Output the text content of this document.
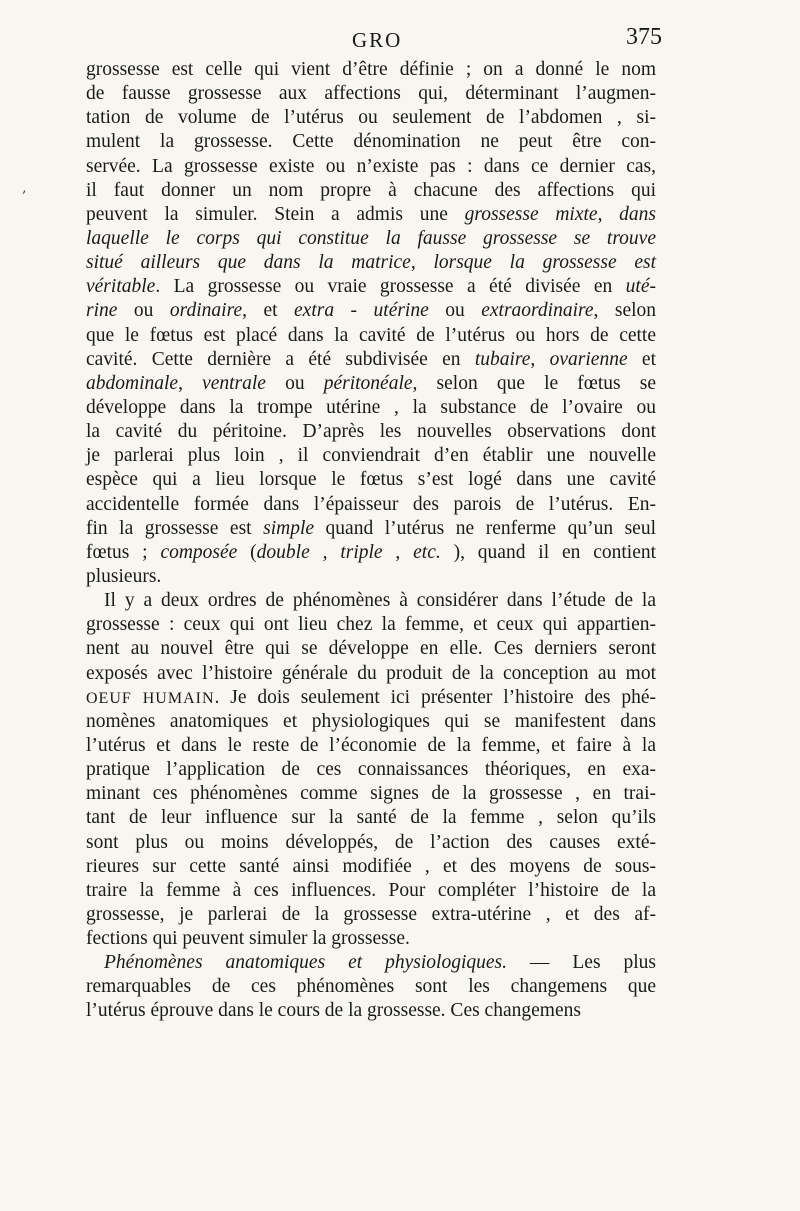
GRO	375
‚
grossesse est celle qui vient d’être définie ; on a donné le nom
de fausse grossesse aux affections qui, déterminant l’augmen-
tation de volume de l’utérus ou seulement de l’abdomen , si-
mulent la grossesse. Cette dénomination ne peut être con-
servée. La grossesse existe ou n’existe pas : dans ce dernier cas,
il faut donner un nom propre à chacune des affections qui
peuvent la simuler. Stein a admis une grossesse mixte, dans
laquelle le corps qui constitue la fausse grossesse se trouve
situé ailleurs que dans la matrice, lorsque la grossesse est
véritable. La grossesse ou vraie grossesse a été divisée en uté-
rine ou ordinaire, et extra - utérine ou extraordinaire, selon
que le fœtus est placé dans la cavité de l’utérus ou hors de cette
cavité. Cette dernière a été subdivisée en tubaire, ovarienne et
abdominale, ventrale ou péritonéale, selon que le fœtus se
développe dans la trompe utérine , la substance de l’ovaire ou
la cavité du péritoine. D’après les nouvelles observations dont
je parlerai plus loin , il conviendrait d’en établir une nouvelle
espèce qui a lieu lorsque le fœtus s’est logé dans une cavité
accidentelle formée dans l’épaisseur des parois de l’utérus. En-
fin la grossesse est simple quand l’utérus ne renferme qu’un seul
fœtus ; composée (double , triple , etc. ), quand il en contient
plusieurs.
Il y a deux ordres de phénomènes à considérer dans l’étude de la
grossesse : ceux qui ont lieu chez la femme, et ceux qui appartien-
nent au nouvel être qui se développe en elle. Ces derniers seront
exposés avec l’histoire générale du produit de la conception au mot
OEUF HUMAIN. Je dois seulement ici présenter l’histoire des phé-
nomènes anatomiques et physiologiques qui se manifestent dans
l’utérus et dans le reste de l’économie de la femme, et faire à la
pratique l’application de ces connaissances théoriques, en exa-
minant ces phénomènes comme signes de la grossesse , en trai-
tant de leur influence sur la santé de la femme , selon qu’ils
sont plus ou moins développés, de l’action des causes exté-
rieures sur cette santé ainsi modifiée , et des moyens de sous-
traire la femme à ces influences. Pour compléter l’histoire de la
grossesse, je parlerai de la grossesse extra-utérine , et des af-
fections qui peuvent simuler la grossesse.
Phénomènes anatomiques et physiologiques. — Les plus
remarquables de ces phénomènes sont les changemens que
l’utérus éprouve dans le cours de la grossesse. Ces changemens
